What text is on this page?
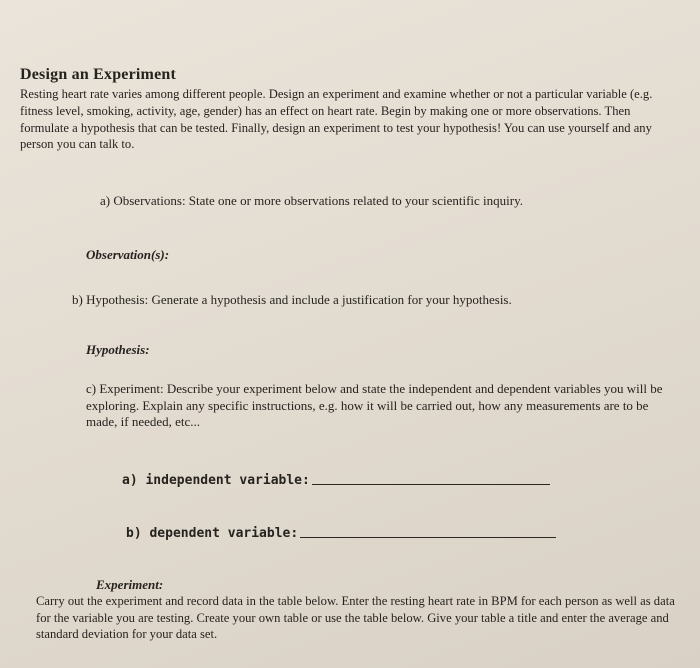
Design an Experiment
Resting heart rate varies among different people. Design an experiment and examine whether or not a particular variable (e.g. fitness level, smoking, activity, age, gender) has an effect on heart rate. Begin by making one or more observations. Then formulate a hypothesis that can be tested. Finally, design an experiment to test your hypothesis! You can use yourself and any person you can talk to.
a) Observations: State one or more observations related to your scientific inquiry.
Observation(s):
b) Hypothesis: Generate a hypothesis and include a justification for your hypothesis.
Hypothesis:
c) Experiment: Describe your experiment below and state the independent and dependent variables you will be exploring. Explain any specific instructions, e.g. how it will be carried out, how any measurements are to be made, if needed, etc...
a) independent variable:
b) dependent variable:
Experiment:
Carry out the experiment and record data in the table below. Enter the resting heart rate in BPM for each person as well as data for the variable you are testing. Create your own table or use the table below. Give your table a title and enter the average and standard deviation for your data set.
